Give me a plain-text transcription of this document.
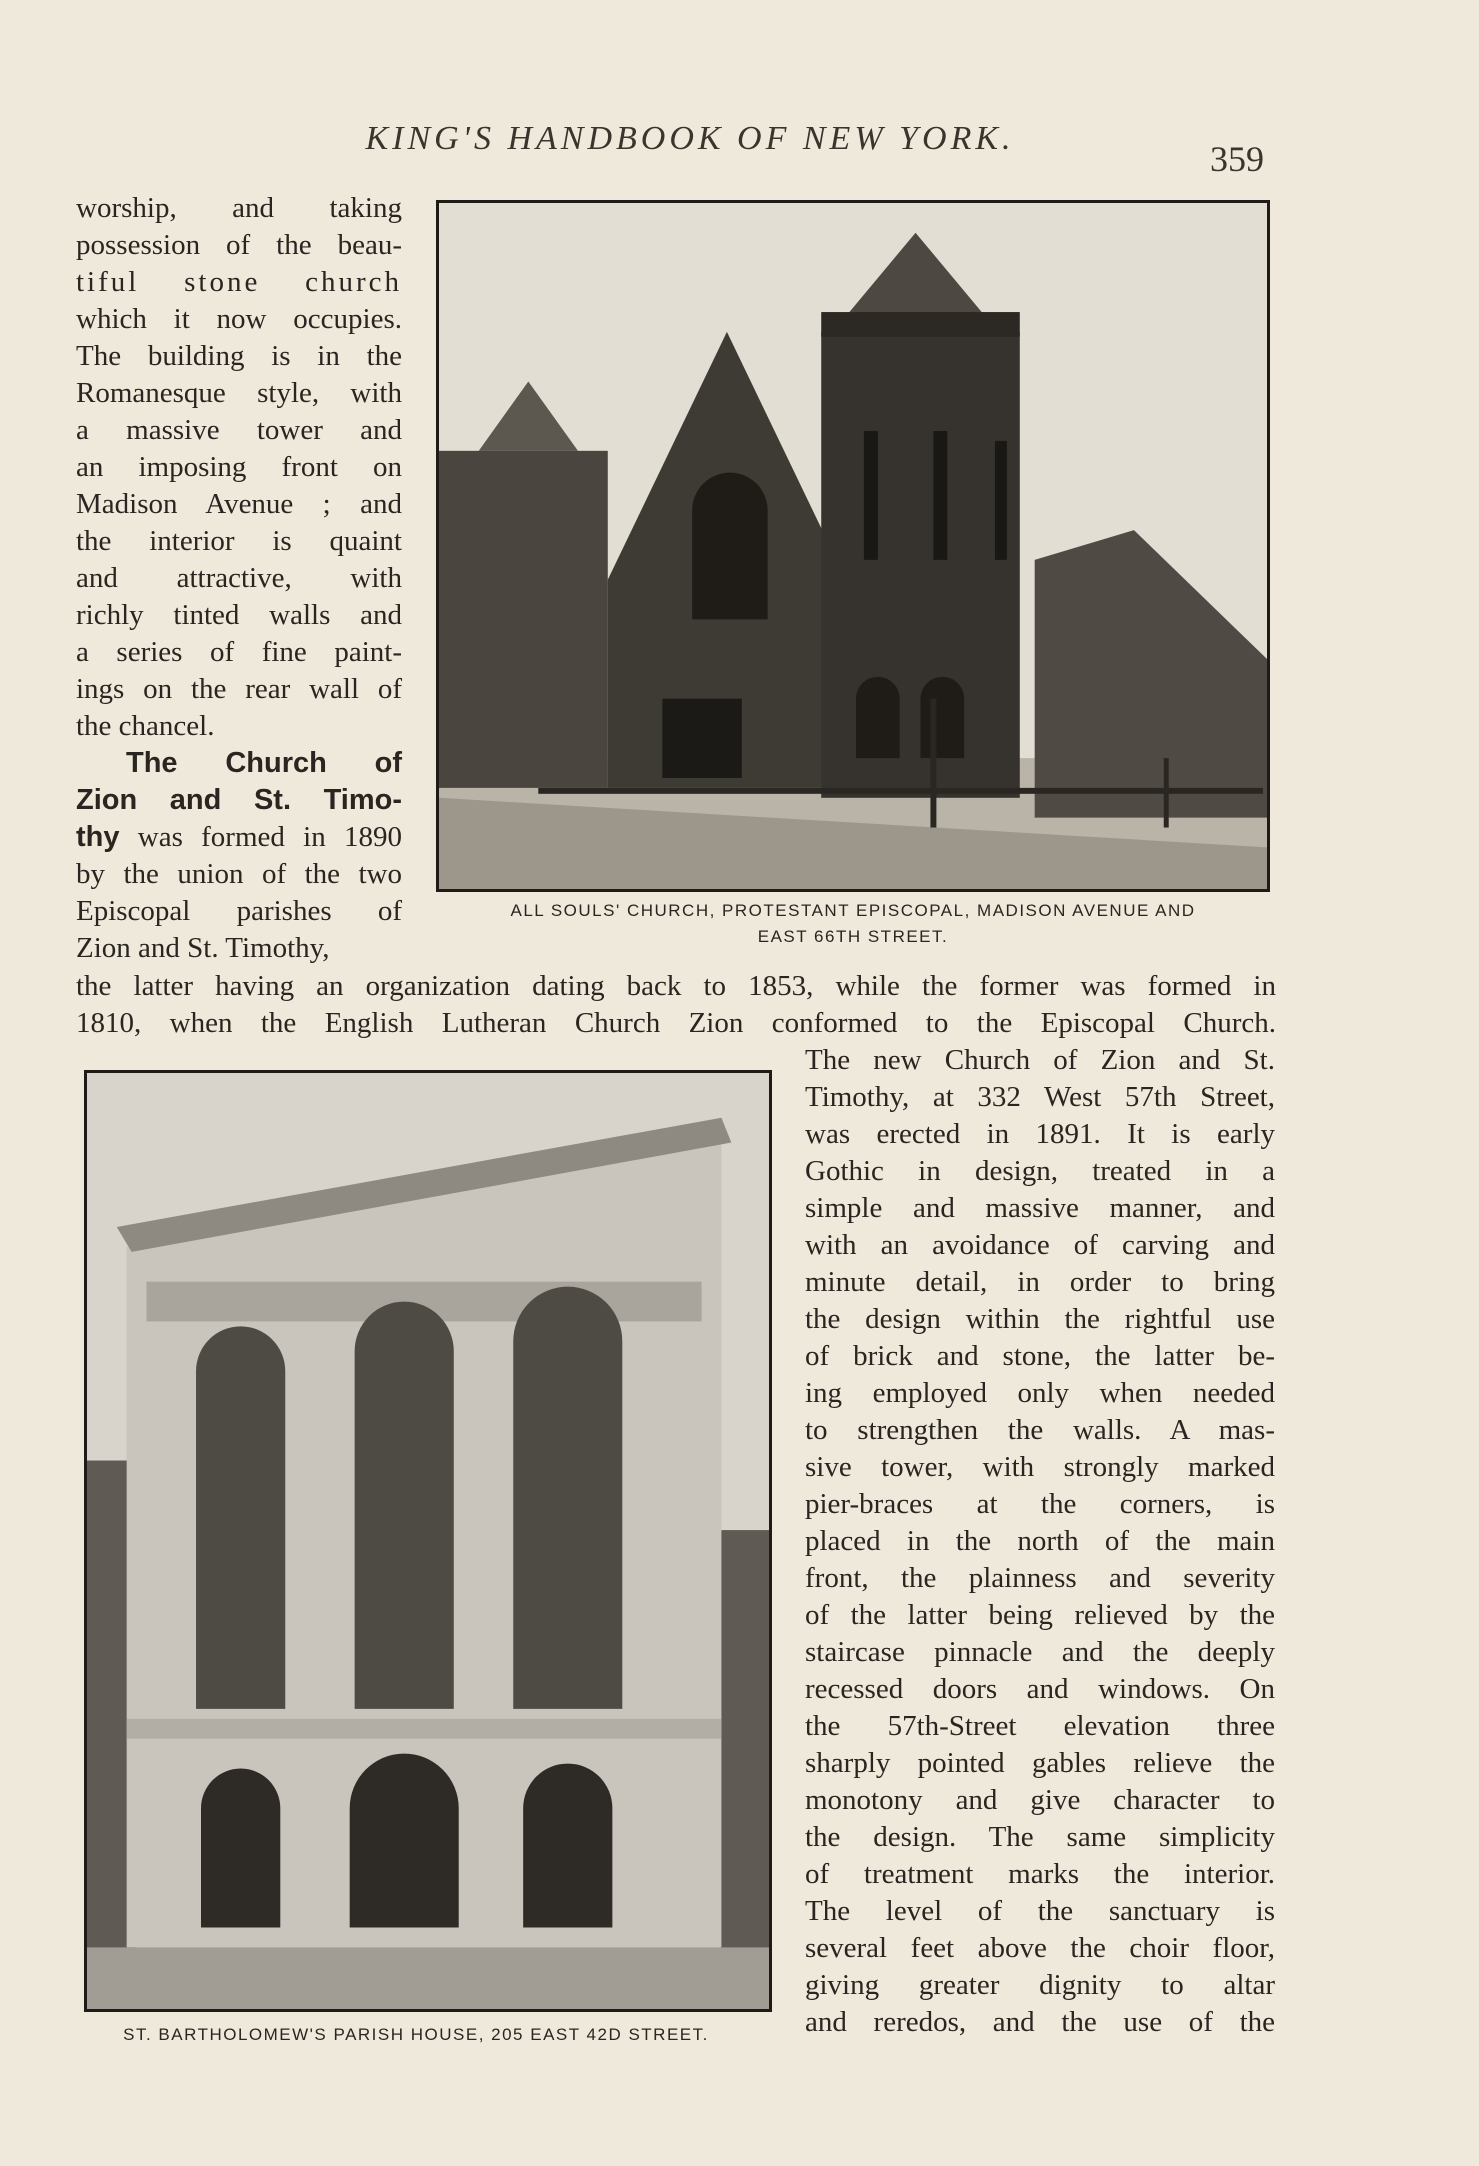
KING'S HANDBOOK OF NEW YORK.
359
worship, and taking
possession of the beau-
tiful stone church
which it now occupies.
The building is in the
Romanesque style, with
a massive tower and
an imposing front on
Madison Avenue ; and
the interior is quaint
and attractive, with
richly tinted walls and
a series of fine paint-
ings on the rear wall of
the chancel.
The Church of
Zion and St. Timo-
thy was formed in 1890
by the union of the two
Episcopal parishes of
Zion and St. Timothy,
ALL SOULS' CHURCH, PROTESTANT EPISCOPAL, MADISON AVENUE AND
EAST 66TH STREET.
the latter having an organization dating back to 1853, while the former was formed in
1810, when the English Lutheran Church Zion conformed to the Episcopal Church.
ST. BARTHOLOMEW'S PARISH HOUSE, 205 EAST 42D STREET.
The new Church of Zion and St.
Timothy, at 332 West 57th Street,
was erected in 1891. It is early
Gothic in design, treated in a
simple and massive manner, and
with an avoidance of carving and
minute detail, in order to bring
the design within the rightful use
of brick and stone, the latter be-
ing employed only when needed
to strengthen the walls. A mas-
sive tower, with strongly marked
pier-braces at the corners, is
placed in the north of the main
front, the plainness and severity
of the latter being relieved by the
staircase pinnacle and the deeply
recessed doors and windows. On
the 57th-Street elevation three
sharply pointed gables relieve the
monotony and give character to
the design. The same simplicity
of treatment marks the interior.
The level of the sanctuary is
several feet above the choir floor,
giving greater dignity to altar
and reredos, and the use of the
